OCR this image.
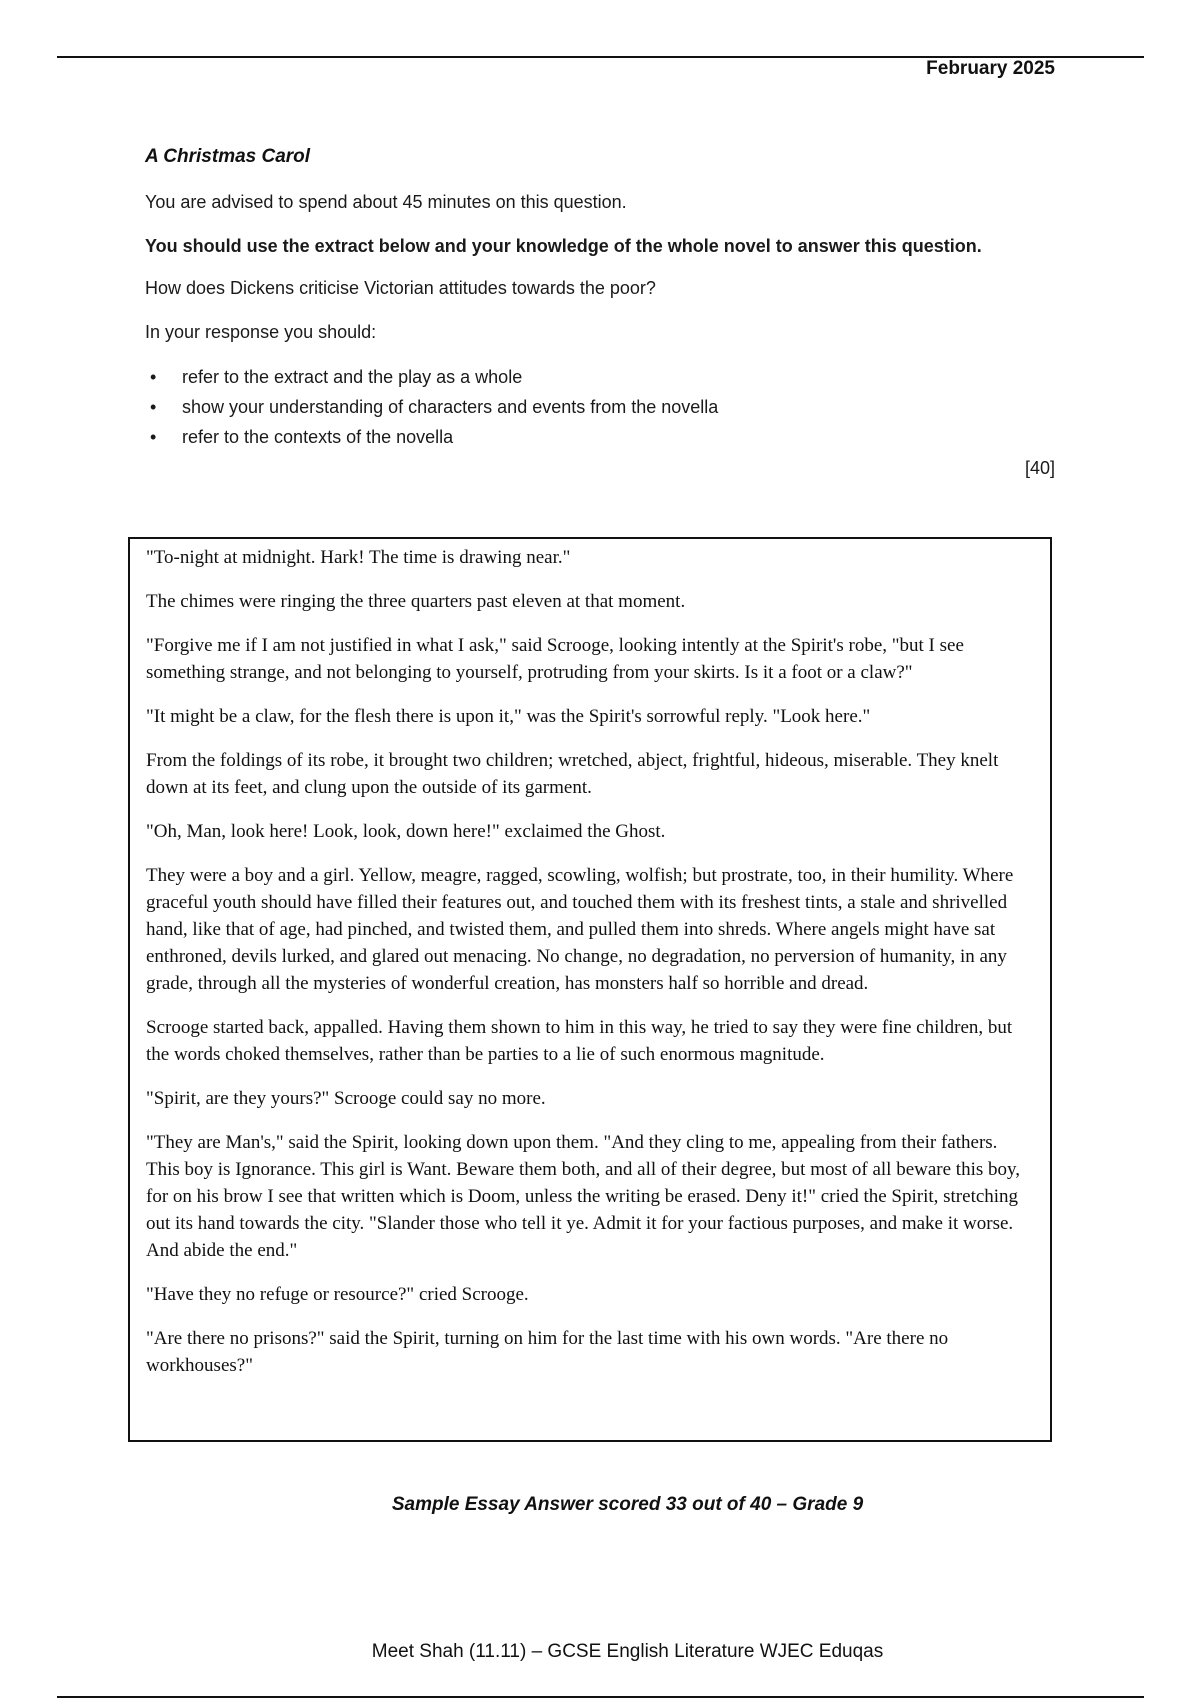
February 2025

A Christmas Carol

You are advised to spend about 45 minutes on this question.

You should use the extract below and your knowledge of the whole novel to answer this question.

How does Dickens criticise Victorian attitudes towards the poor?

In your response you should:

• refer to the extract and the play as a whole
• show your understanding of characters and events from the novella
• refer to the contexts of the novella
[40]

"To-night at midnight. Hark! The time is drawing near."

The chimes were ringing the three quarters past eleven at that moment.

"Forgive me if I am not justified in what I ask," said Scrooge, looking intently at the Spirit's robe, "but I see something strange, and not belonging to yourself, protruding from your skirts. Is it a foot or a claw?"

"It might be a claw, for the flesh there is upon it," was the Spirit's sorrowful reply. "Look here."

From the foldings of its robe, it brought two children; wretched, abject, frightful, hideous, miserable. They knelt down at its feet, and clung upon the outside of its garment.

"Oh, Man, look here! Look, look, down here!" exclaimed the Ghost.

They were a boy and a girl. Yellow, meagre, ragged, scowling, wolfish; but prostrate, too, in their humility. Where graceful youth should have filled their features out, and touched them with its freshest tints, a stale and shrivelled hand, like that of age, had pinched, and twisted them, and pulled them into shreds. Where angels might have sat enthroned, devils lurked, and glared out menacing. No change, no degradation, no perversion of humanity, in any grade, through all the mysteries of wonderful creation, has monsters half so horrible and dread.

Scrooge started back, appalled. Having them shown to him in this way, he tried to say they were fine children, but the words choked themselves, rather than be parties to a lie of such enormous magnitude.

"Spirit, are they yours?" Scrooge could say no more.

"They are Man's," said the Spirit, looking down upon them. "And they cling to me, appealing from their fathers. This boy is Ignorance. This girl is Want. Beware them both, and all of their degree, but most of all beware this boy, for on his brow I see that written which is Doom, unless the writing be erased. Deny it!" cried the Spirit, stretching out its hand towards the city. "Slander those who tell it ye. Admit it for your factious purposes, and make it worse. And abide the end."

"Have they no refuge or resource?" cried Scrooge.

"Are there no prisons?" said the Spirit, turning on him for the last time with his own words. "Are there no workhouses?"

Sample Essay Answer scored 33 out of 40 – Grade 9
Meet Shah (11.11) – GCSE English Literature WJEC Eduqas
